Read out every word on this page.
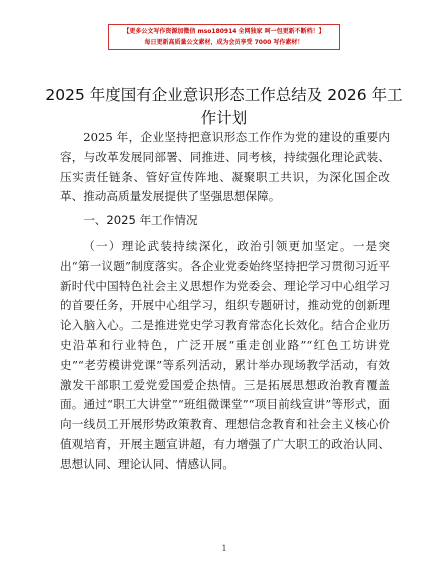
【更多公文写作资源加微信 mso180914 全网独家 呵一包更新不断档！】
每日更新高质量公文素材，成为会员享受 7000 写作素材！
2025 年度国有企业意识形态工作总结及 2026 年工作计划

2025 年，企业坚持把意识形态工作作为党的建设的重要内容，与改革发展同部署、同推进、同考核，持续强化理论武装、压实责任链条、管好宣传阵地、凝聚职工共识，为深化国企改革、推动高质量发展提供了坚强思想保障。

一、2025 年工作情况

（一）理论武装持续深化，政治引领更加坚定。一是突出“第一议题”制度落实。各企业党委始终坚持把学习贯彻习近平新时代中国特色社会主义思想作为党委会、理论学习中心组学习的首要任务，开展中心组学习，组织专题研讨，推动党的创新理论入脑入心。二是推进党史学习教育常态化长效化。结合企业历史沿革和行业特色，广泛开展“重走创业路”“红色工坊讲党史”“老劳模讲党课”等系列活动，累计举办现场教学活动，有效激发干部职工爱党爱国爱企热情。三是拓展思想政治教育覆盖面。通过“职工大讲堂”“班组微课堂”“项目前线宣讲”等形式，面向一线员工开展形势政策教育、理想信念教育和社会主义核心价值观培育，开展主题宣讲超，有力增强了广大职工的政治认同、思想认同、理论认同、情感认同。

1
